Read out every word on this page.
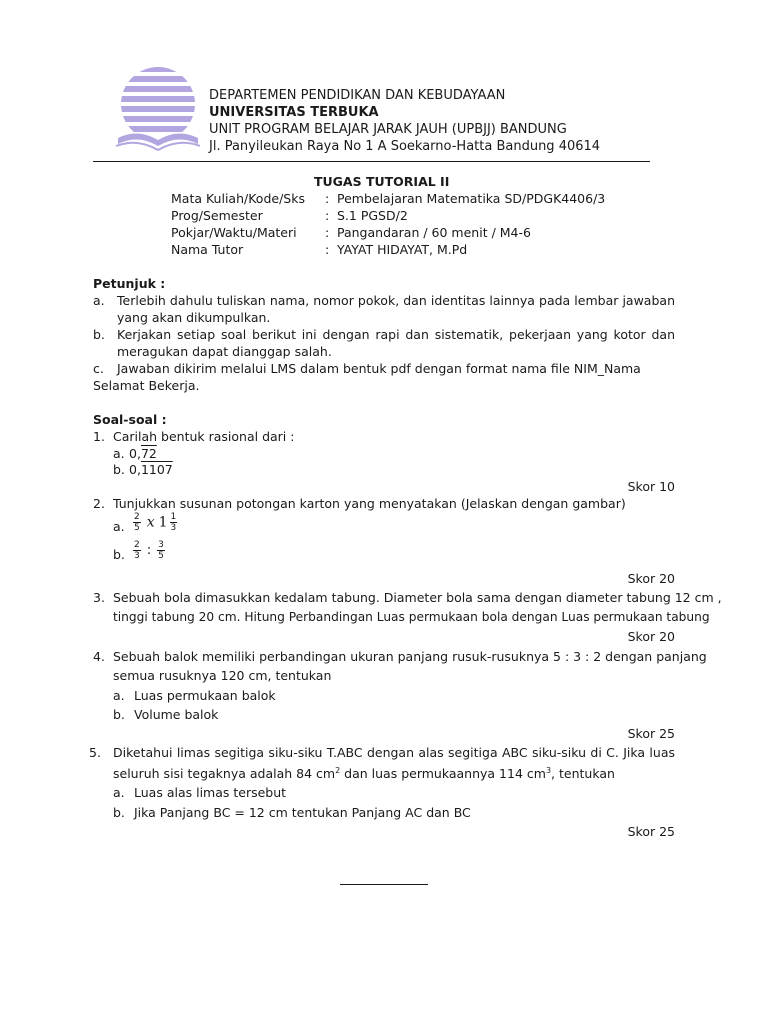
DEPARTEMEN PENDIDIKAN DAN KEBUDAYAAN
UNIVERSITAS TERBUKA
UNIT PROGRAM BELAJAR JARAK JAUH (UPBJJ) BANDUNG
Jl. Panyileukan Raya No 1 A Soekarno-Hatta Bandung 40614
TUGAS TUTORIAL II
Mata Kuliah/Kode/Sks : Pembelajaran Matematika SD/PDGK4406/3
Prog/Semester	: S.1 PGSD/2
Pokjar/Waktu/Materi : Pangandaran / 60 menit / M4-6
Nama Tutor	: YAYAT HIDAYAT, M.Pd
Petunjuk :
a. Terlebih dahulu tuliskan nama, nomor pokok, dan identitas lainnya pada lembar jawaban
yang akan dikumpulkan.
b. Kerjakan setiap soal berikut ini dengan rapi dan sistematik, pekerjaan yang kotor dan
meragukan dapat dianggap salah.
c. Jawaban dikirim melalui LMS dalam bentuk pdf dengan format nama file NIM_Nama
Selamat Bekerja.
Soal-soal :
1. Carilah bentuk rasional dari :
a. 0,72
b. 0,1107
Skor 10
2. Tunjukkan susunan potongan karton yang menyatakan (Jelaskan dengan gambar)
a. $\frac{2}{5}$ x $1 \frac{1}{3}$
b. $\frac{2}{3}$ : $\frac{3}{5}$
Skor 20
3. Sebuah bola dimasukkan kedalam tabung. Diameter bola sama dengan diameter tabung 12 cm ,
tinggi tabung 20 cm. Hitung Perbandingan Luas permukaan bola dengan Luas permukaan tabung
Skor 20
4. Sebuah balok memiliki perbandingan ukuran panjang rusuk-rusuknya 5 : 3 : 2 dengan panjang
semua rusuknya 120 cm, tentukan
a. Luas permukaan balok
b. Volume balok
Skor 25
5. Diketahui limas segitiga siku-siku T.ABC dengan alas segitiga ABC siku-siku di C. Jika luas
seluruh sisi tegaknya adalah 84 $cm^2$ dan luas permukaannya 114 $cm^3$, tentukan
a. Luas alas limas tersebut
b. Jika Panjang BC = 12 cm tentukan Panjang AC dan BC
Skor 25
